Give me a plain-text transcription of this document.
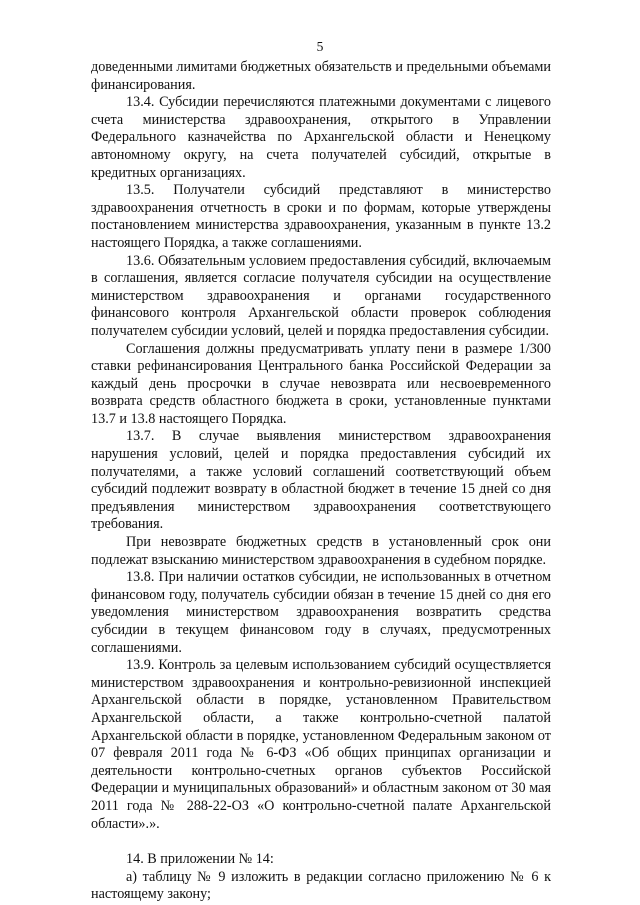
5

доведенными лимитами бюджетных обязательств и предельными объемами финансирования.

13.4. Субсидии перечисляются платежными документами с лицевого счета министерства здравоохранения, открытого в Управлении Федерального казначейства по Архангельской области и Ненецкому автономному округу, на счета получателей субсидий, открытые в кредитных организациях.

13.5. Получатели субсидий представляют в министерство здравоохранения отчетность в сроки и по формам, которые утверждены постановлением министерства здравоохранения, указанным в пункте 13.2 настоящего Порядка, а также соглашениями.

13.6. Обязательным условием предоставления субсидий, включаемым в соглашения, является согласие получателя субсидии на осуществление министерством здравоохранения и органами государственного финансового контроля Архангельской области проверок соблюдения получателем субсидии условий, целей и порядка предоставления субсидии.

Соглашения должны предусматривать уплату пени в размере 1/300 ставки рефинансирования Центрального банка Российской Федерации за каждый день просрочки в случае невозврата или несвоевременного возврата средств областного бюджета в сроки, установленные пунктами 13.7 и 13.8 настоящего Порядка.

13.7. В случае выявления министерством здравоохранения нарушения условий, целей и порядка предоставления субсидий их получателями, а также условий соглашений соответствующий объем субсидий подлежит возврату в областной бюджет в течение 15 дней со дня предъявления министерством здравоохранения соответствующего требования.

При невозврате бюджетных средств в установленный срок они подлежат взысканию министерством здравоохранения в судебном порядке.

13.8. При наличии остатков субсидии, не использованных в отчетном финансовом году, получатель субсидии обязан в течение 15 дней со дня его уведомления министерством здравоохранения возвратить средства субсидии в текущем финансовом году в случаях, предусмотренных соглашениями.

13.9. Контроль за целевым использованием субсидий осуществляется министерством здравоохранения и контрольно-ревизионной инспекцией Архангельской области в порядке, установленном Правительством Архангельской области, а также контрольно-счетной палатой Архангельской области в порядке, установленном Федеральным законом от 07 февраля 2011 года № 6-ФЗ «Об общих принципах организации и деятельности контрольно-счетных органов субъектов Российской Федерации и муниципальных образований» и областным законом от 30 мая 2011 года № 288-22-ОЗ «О контрольно-счетной палате Архангельской области».».

14. В приложении № 14:

а) таблицу № 9 изложить в редакции согласно приложению № 6 к настоящему закону;
